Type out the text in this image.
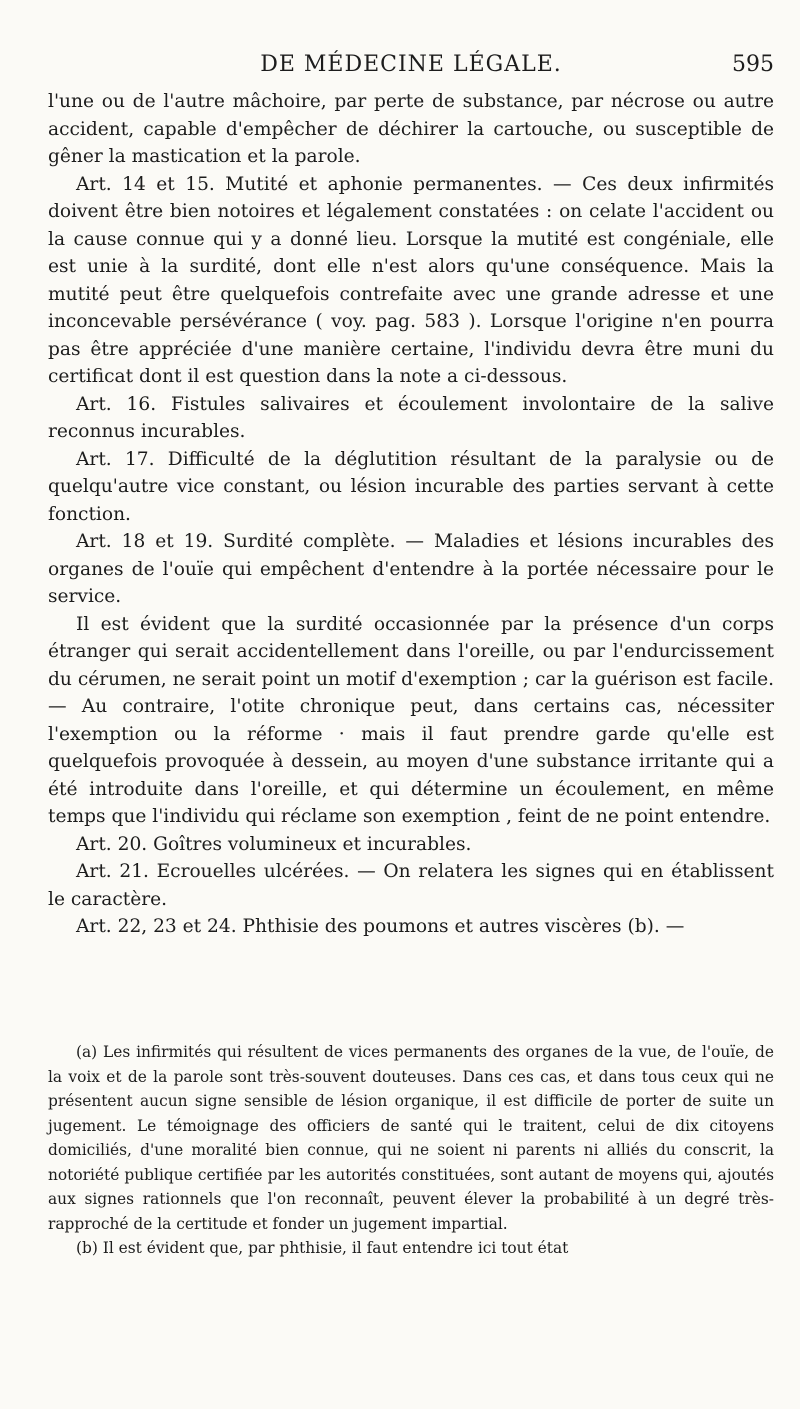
DE MÉDECINE LÉGALE.	595

l'une ou de l'autre mâchoire, par perte de substance, par nécrose ou autre accident, capable d'empêcher de déchirer la cartouche, ou susceptible de gêner la mastication et la parole.

Art. 14 et 15. Mutité et aphonie permanentes. — Ces deux infirmités doivent être bien notoires et légalement constatées : on celate l'accident ou la cause connue qui y a donné lieu. Lorsque la mutité est congéniale, elle est unie à la surdité, dont elle n'est alors qu'une conséquence. Mais la mutité peut être quelquefois contrefaite avec une grande adresse et une inconcevable persévérance ( voy. pag. 583 ). Lorsque l'origine n'en pourra pas être appréciée d'une manière certaine, l'individu devra être muni du certificat dont il est question dans la note a ci-dessous.

Art. 16. Fistules salivaires et écoulement involontaire de la salive reconnus incurables.

Art. 17. Difficulté de la déglutition résultant de la paralysie ou de quelqu'autre vice constant, ou lésion incurable des parties servant à cette fonction.

Art. 18 et 19. Surdité complète. — Maladies et lésions incurables des organes de l'ouïe qui empêchent d'entendre à la portée nécessaire pour le service.

Il est évident que la surdité occasionnée par la présence d'un corps étranger qui serait accidentellement dans l'oreille, ou par l'endurcissement du cérumen, ne serait point un motif d'exemption ; car la guérison est facile. — Au contraire, l'otite chronique peut, dans certains cas, nécessiter l'exemption ou la réforme · mais il faut prendre garde qu'elle est quelquefois provoquée à dessein, au moyen d'une substance irritante qui a été introduite dans l'oreille, et qui détermine un écoulement, en même temps que l'individu qui réclame son exemption , feint de ne point entendre.

Art. 20. Goîtres volumineux et incurables.

Art. 21. Ecrouelles ulcérées. — On relatera les signes qui en établissent le caractère.

Art. 22, 23 et 24. Phthisie des poumons et autres viscères (b). —

(a) Les infirmités qui résultent de vices permanents des organes de la vue, de l'ouïe, de la voix et de la parole sont très-souvent douteuses. Dans ces cas, et dans tous ceux qui ne présentent aucun signe sensible de lésion organique, il est difficile de porter de suite un jugement. Le témoignage des officiers de santé qui le traitent, celui de dix citoyens domiciliés, d'une moralité bien connue, qui ne soient ni parents ni alliés du conscrit, la notoriété publique certifiée par les autorités constituées, sont autant de moyens qui, ajoutés aux signes rationnels que l'on reconnaît, peuvent élever la probabilité à un degré très-rapproché de la certitude et fonder un jugement impartial.

(b) Il est évident que, par phthisie, il faut entendre ici tout état
